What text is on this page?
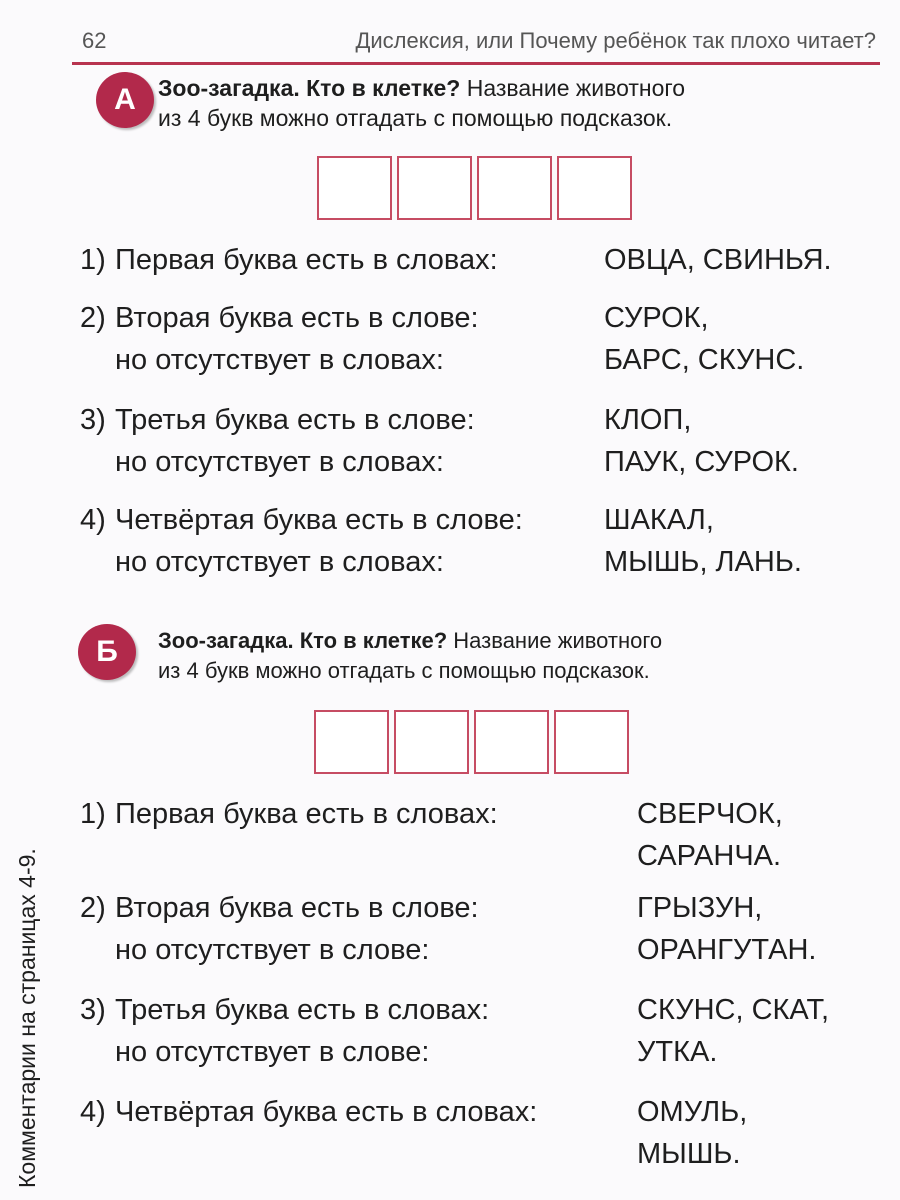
62	Дислексия, или Почему ребёнок так плохо читает?
А Зоо-загадка. Кто в клетке? Название животного
из 4 букв можно отгадать с помощью подсказок.
1) Первая буква есть в словах:	ОВЦА, СВИНЬЯ.
2) Вторая буква есть в слове:	СУРОК,
но отсутствует в словах:	БАРС, СКУНС.
3) Третья буква есть в слове:	КЛОП,
но отсутствует в словах:	ПАУК, СУРОК.
4) Четвёртая буква есть в слове:	ШАКАЛ,
но отсутствует в словах:	МЫШЬ, ЛАНЬ.
Б	Зоо-загадка. Кто в клетке? Название животного
из 4 букв можно отгадать с помощью подсказок.
1) Первая буква есть в словах:	СВЕРЧОК,
САРАНЧА.
2) Вторая буква есть в слове:	ГРЫЗУН,
но отсутствует в слове:	ОРАНГУТАН.
3) Третья буква есть в словах:	СКУНС, СКАТ,
но отсутствует в слове:	УТКА.
4) Четвёртая буква есть в словах:	ОМУЛЬ,
МЫШЬ.
Комментарии на страницах 4-9.
